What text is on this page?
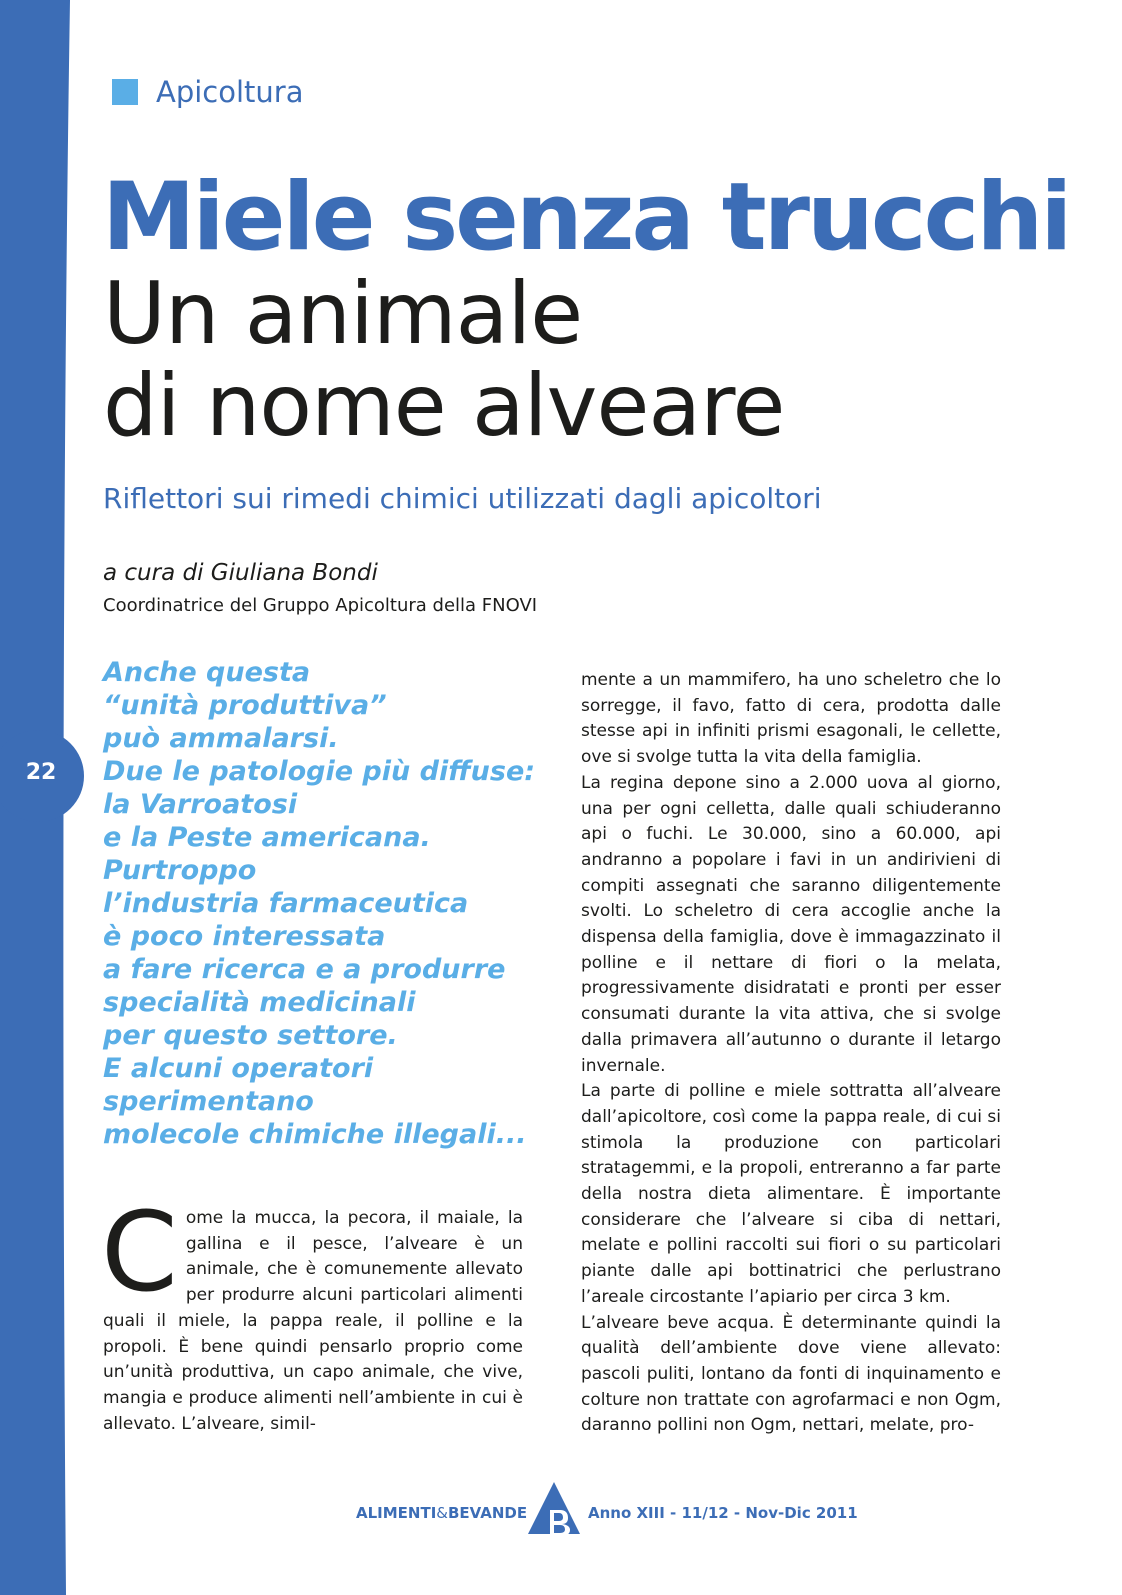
22
Apicoltura
Miele senza trucchi
Un animale
di nome alveare
Riflettori sui rimedi chimici utilizzati dagli apicoltori
a cura di Giuliana Bondi
Coordinatrice del Gruppo Apicoltura della FNOVI
Anche questa
“unità produttiva”
può ammalarsi.
Due le patologie più diffuse:
la Varroatosi
e la Peste americana.
Purtroppo
l’industria farmaceutica
è poco interessata
a fare ricerca e a produrre
specialità medicinali
per questo settore.
E alcuni operatori
sperimentano
molecole chimiche illegali...
C ome la mucca, la pecora, il maiale, la gallina e il pesce, l’alveare è un animale, che è comunemente allevato per produrre alcuni particolari alimenti quali il miele, la pappa reale, il polline e la propoli. È bene quindi pensarlo proprio come un’unità produttiva, un capo animale, che vive, mangia e produce alimenti nell’ambiente in cui è allevato. L’alveare, simil-

mente a un mammifero, ha uno scheletro che lo sorregge, il favo, fatto di cera, prodotta dalle stesse api in infiniti prismi esagonali, le cellette, ove si svolge tutta la vita della famiglia.

La regina depone sino a 2.000 uova al giorno, una per ogni celletta, dalle quali schiuderanno api o fuchi. Le 30.000, sino a 60.000, api andranno a popolare i favi in un andirivieni di compiti assegnati che saranno diligentemente svolti. Lo scheletro di cera accoglie anche la dispensa della famiglia, dove è immagazzinato il polline e il nettare di fiori o la melata, progressivamente disidratati e pronti per esser consumati durante la vita attiva, che si svolge dalla primavera all’autunno o durante il letargo invernale.

La parte di polline e miele sottratta all’alveare dall’apicoltore, così come la pappa reale, di cui si stimola la produzione con particolari stratagemmi, e la propoli, entreranno a far parte della nostra dieta alimentare. È importante considerare che l’alveare si ciba di nettari, melate e pollini raccolti sui fiori o su particolari piante dalle api bottinatrici che perlustrano l’areale circostante l’apiario per circa 3 km.

L’alveare beve acqua. È determinante quindi la qualità dell’ambiente dove viene allevato: pascoli puliti, lontano da fonti di inquinamento e colture non trattate con agrofarmaci e non Ogm, daranno pollini non Ogm, nettari, melate, pro-

ALIMENTI&BEVANDE	Anno XIII - 11/12 - Nov-Dic 2011
